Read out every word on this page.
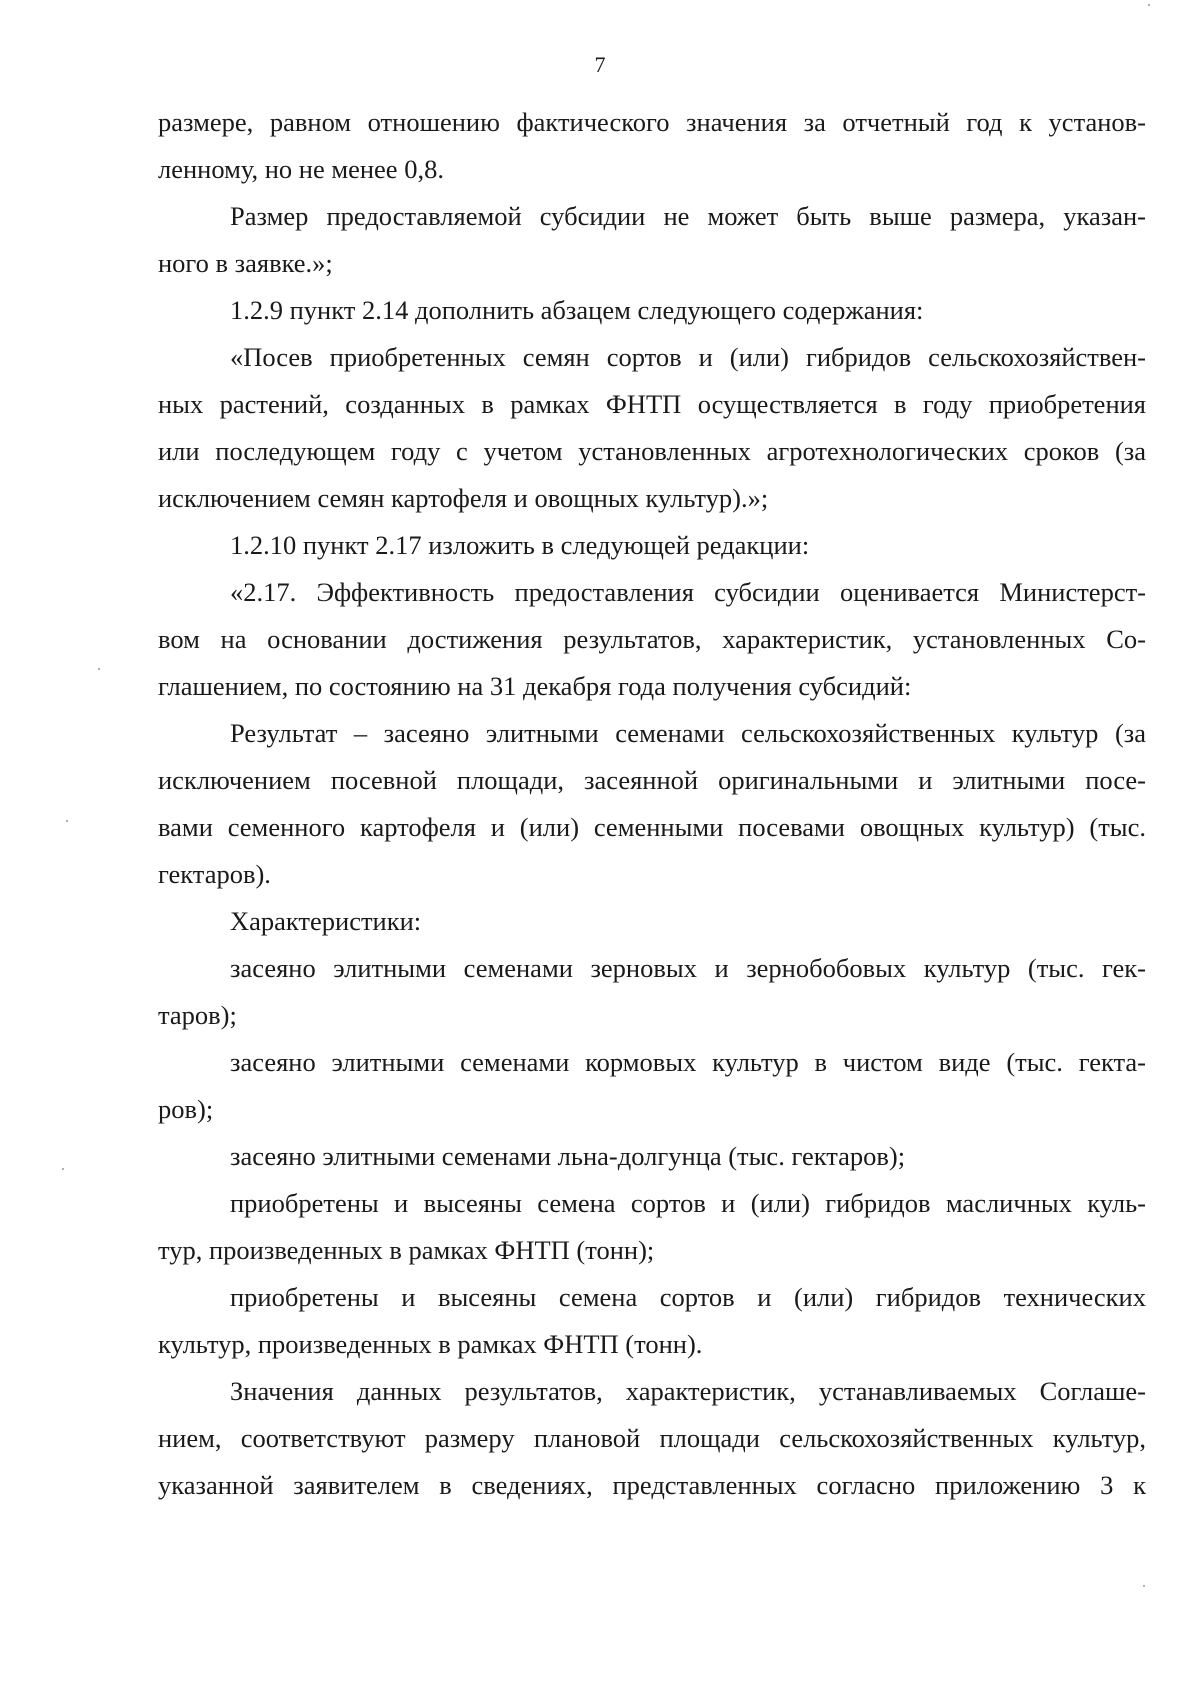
7

размере, равном отношению фактического значения за отчетный год к установ-
ленному, но не менее 0,8.

Размер предоставляемой субсидии не может быть выше размера, указан-
ного в заявке.»;

1.2.9 пункт 2.14 дополнить абзацем следующего содержания:

«Посев приобретенных семян сортов и (или) гибридов сельскохозяйствен-
ных растений, созданных в рамках ФНТП осуществляется в году приобретения
или последующем году с учетом установленных агротехнологических сроков (за
исключением семян картофеля и овощных культур).»;

1.2.10 пункт 2.17 изложить в следующей редакции:

«2.17. Эффективность предоставления субсидии оценивается Министерст-
вом на основании достижения результатов, характеристик, установленных Со-
глашением, по состоянию на 31 декабря года получения субсидий:

Результат – засеяно элитными семенами сельскохозяйственных культур (за
исключением посевной площади, засеянной оригинальными и элитными посе-
вами семенного картофеля и (или) семенными посевами овощных культур) (тыс.
гектаров).

Характеристики:

засеяно элитными семенами зерновых и зернобобовых культур (тыс. гек-
таров);

засеяно элитными семенами кормовых культур в чистом виде (тыс. гекта-
ров);

засеяно элитными семенами льна-долгунца (тыс. гектаров);

приобретены и высеяны семена сортов и (или) гибридов масличных куль-
тур, произведенных в рамках ФНТП (тонн);

приобретены и высеяны семена сортов и (или) гибридов технических
культур, произведенных в рамках ФНТП (тонн).

Значения данных результатов, характеристик, устанавливаемых Соглаше-
нием, соответствуют размеру плановой площади сельскохозяйственных культур,
указанной заявителем в сведениях, представленных согласно приложению 3 к
